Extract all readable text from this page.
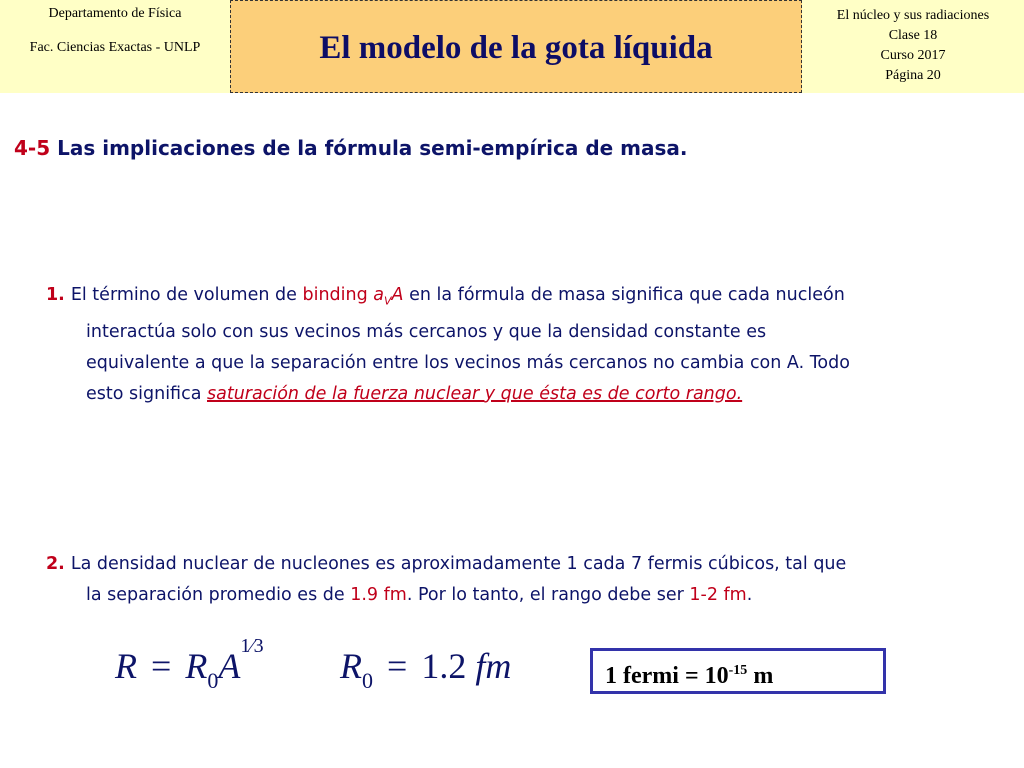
Departamento de Física
Fac. Ciencias Exactas - UNLP	El modelo de la gota líquida
El núcleo y sus radiaciones
Clase 18
Curso 2017
Página 20
4-5 Las implicaciones de la fórmula semi-empírica de masa.
1. El término de volumen de binding $a_VA$ en la fórmula de masa significa que cada nucleón
interactúa solo con sus vecinos más cercanos y que la densidad constante es
equivalente a que la separación entre los vecinos más cercanos no cambia con A. Todo
esto significa saturación de la fuerza nuclear y que ésta es de corto rango.
2. La densidad nuclear de nucleones es aproximadamente 1 cada 7 fermis cúbicos, tal que
la separación promedio es de 1.9 fm. Por lo tanto, el rango debe ser 1-2 fm.
$R = R_0A^{1⁄3}$ $R_0 = 1.2$ fm	1 fermi = $10^{-15}$ m
